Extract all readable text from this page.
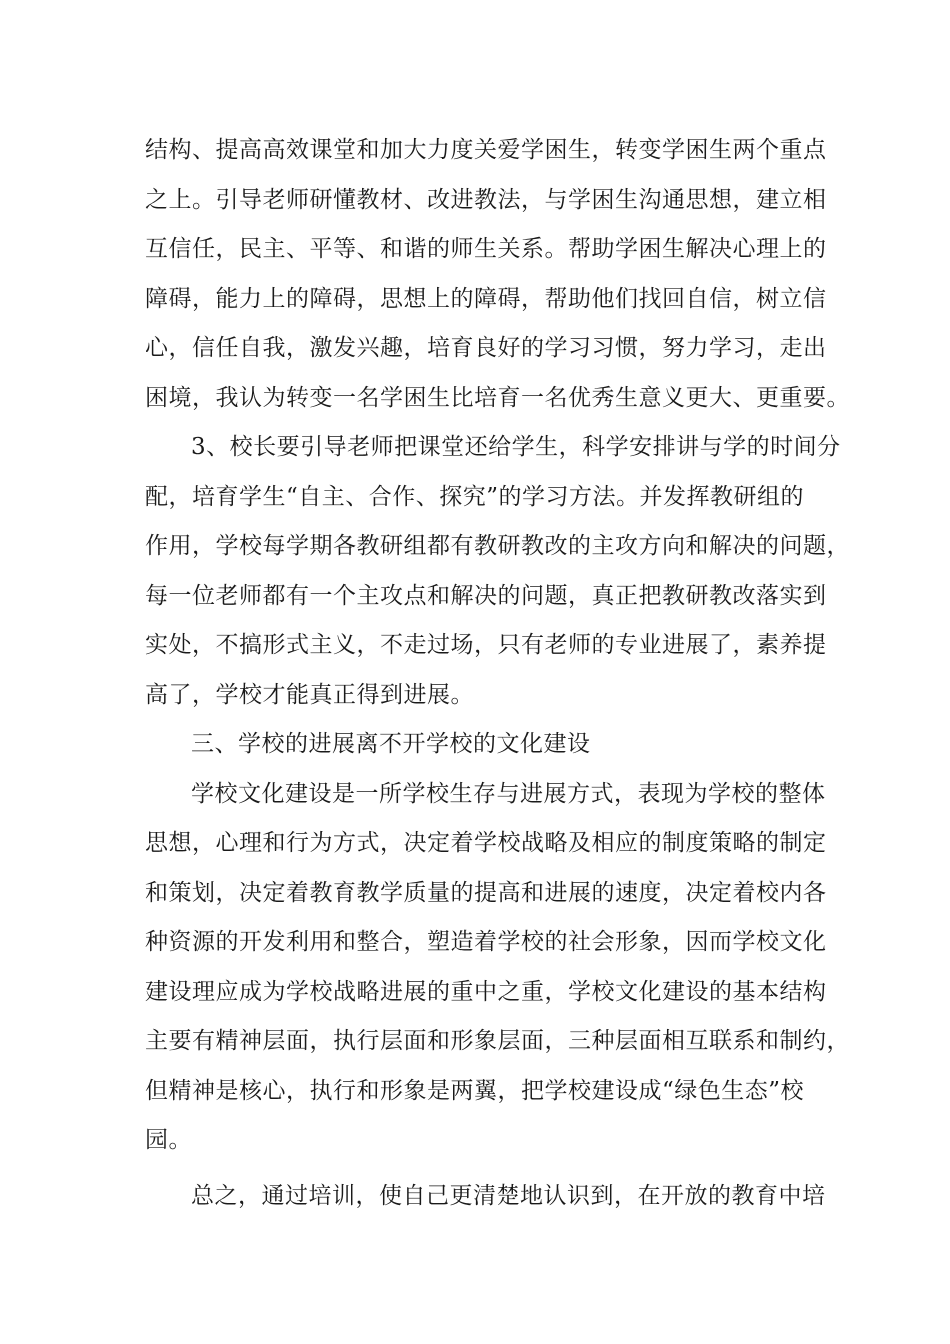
结构、提高高效课堂和加大力度关爱学困生，转变学困生两个重点
之上。引导老师研懂教材、改进教法，与学困生沟通思想，建立相
互信任，民主、平等、和谐的师生关系。帮助学困生解决心理上的
障碍，能力上的障碍，思想上的障碍，帮助他们找回自信，树立信
心，信任自我，激发兴趣，培育良好的学习习惯，努力学习，走出
困境，我认为转变一名学困生比培育一名优秀生意义更大、更重要。
3、校长要引导老师把课堂还给学生，科学安排讲与学的时间分
配，培育学生“自主、合作、探究”的学习方法。并发挥教研组的
作用，学校每学期各教研组都有教研教改的主攻方向和解决的问题，
每一位老师都有一个主攻点和解决的问题，真正把教研教改落实到
实处，不搞形式主义，不走过场，只有老师的专业进展了，素养提
高了，学校才能真正得到进展。
三、学校的进展离不开学校的文化建设
学校文化建设是一所学校生存与进展方式，表现为学校的整体
思想，心理和行为方式，决定着学校战略及相应的制度策略的制定
和策划，决定着教育教学质量的提高和进展的速度，决定着校内各
种资源的开发利用和整合，塑造着学校的社会形象，因而学校文化
建设理应成为学校战略进展的重中之重，学校文化建设的基本结构
主要有精神层面，执行层面和形象层面，三种层面相互联系和制约，
但精神是核心，执行和形象是两翼，把学校建设成“绿色生态”校
园。
总之，通过培训，使自己更清楚地认识到，在开放的教育中培
